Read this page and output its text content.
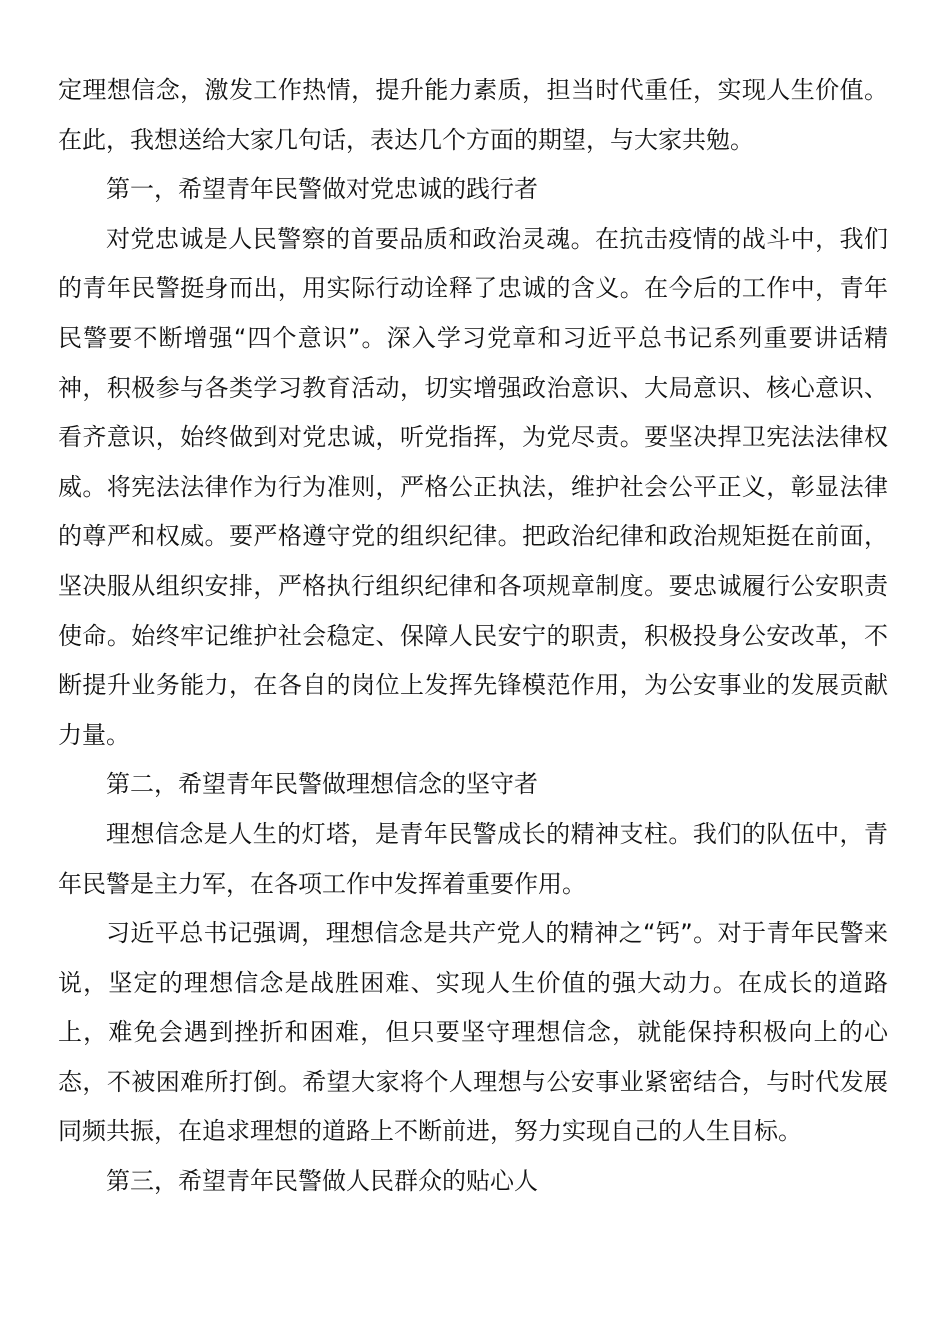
定理想信念，激发工作热情，提升能力素质，担当时代重任，实现人生价值。在此，我想送给大家几句话，表达几个方面的期望，与大家共勉。

第一，希望青年民警做对党忠诚的践行者

对党忠诚是人民警察的首要品质和政治灵魂。在抗击疫情的战斗中，我们的青年民警挺身而出，用实际行动诠释了忠诚的含义。在今后的工作中，青年民警要不断增强“四个意识”。深入学习党章和习近平总书记系列重要讲话精神，积极参与各类学习教育活动，切实增强政治意识、大局意识、核心意识、看齐意识，始终做到对党忠诚，听党指挥，为党尽责。要坚决捍卫宪法法律权威。将宪法法律作为行为准则，严格公正执法，维护社会公平正义，彰显法律的尊严和权威。要严格遵守党的组织纪律。把政治纪律和政治规矩挺在前面，坚决服从组织安排，严格执行组织纪律和各项规章制度。要忠诚履行公安职责使命。始终牢记维护社会稳定、保障人民安宁的职责，积极投身公安改革，不断提升业务能力，在各自的岗位上发挥先锋模范作用，为公安事业的发展贡献力量。

第二，希望青年民警做理想信念的坚守者

理想信念是人生的灯塔，是青年民警成长的精神支柱。我们的队伍中，青年民警是主力军，在各项工作中发挥着重要作用。

习近平总书记强调，理想信念是共产党人的精神之“钙”。对于青年民警来说，坚定的理想信念是战胜困难、实现人生价值的强大动力。在成长的道路上，难免会遇到挫折和困难，但只要坚守理想信念，就能保持积极向上的心态，不被困难所打倒。希望大家将个人理想与公安事业紧密结合，与时代发展同频共振，在追求理想的道路上不断前进，努力实现自己的人生目标。

第三，希望青年民警做人民群众的贴心人
